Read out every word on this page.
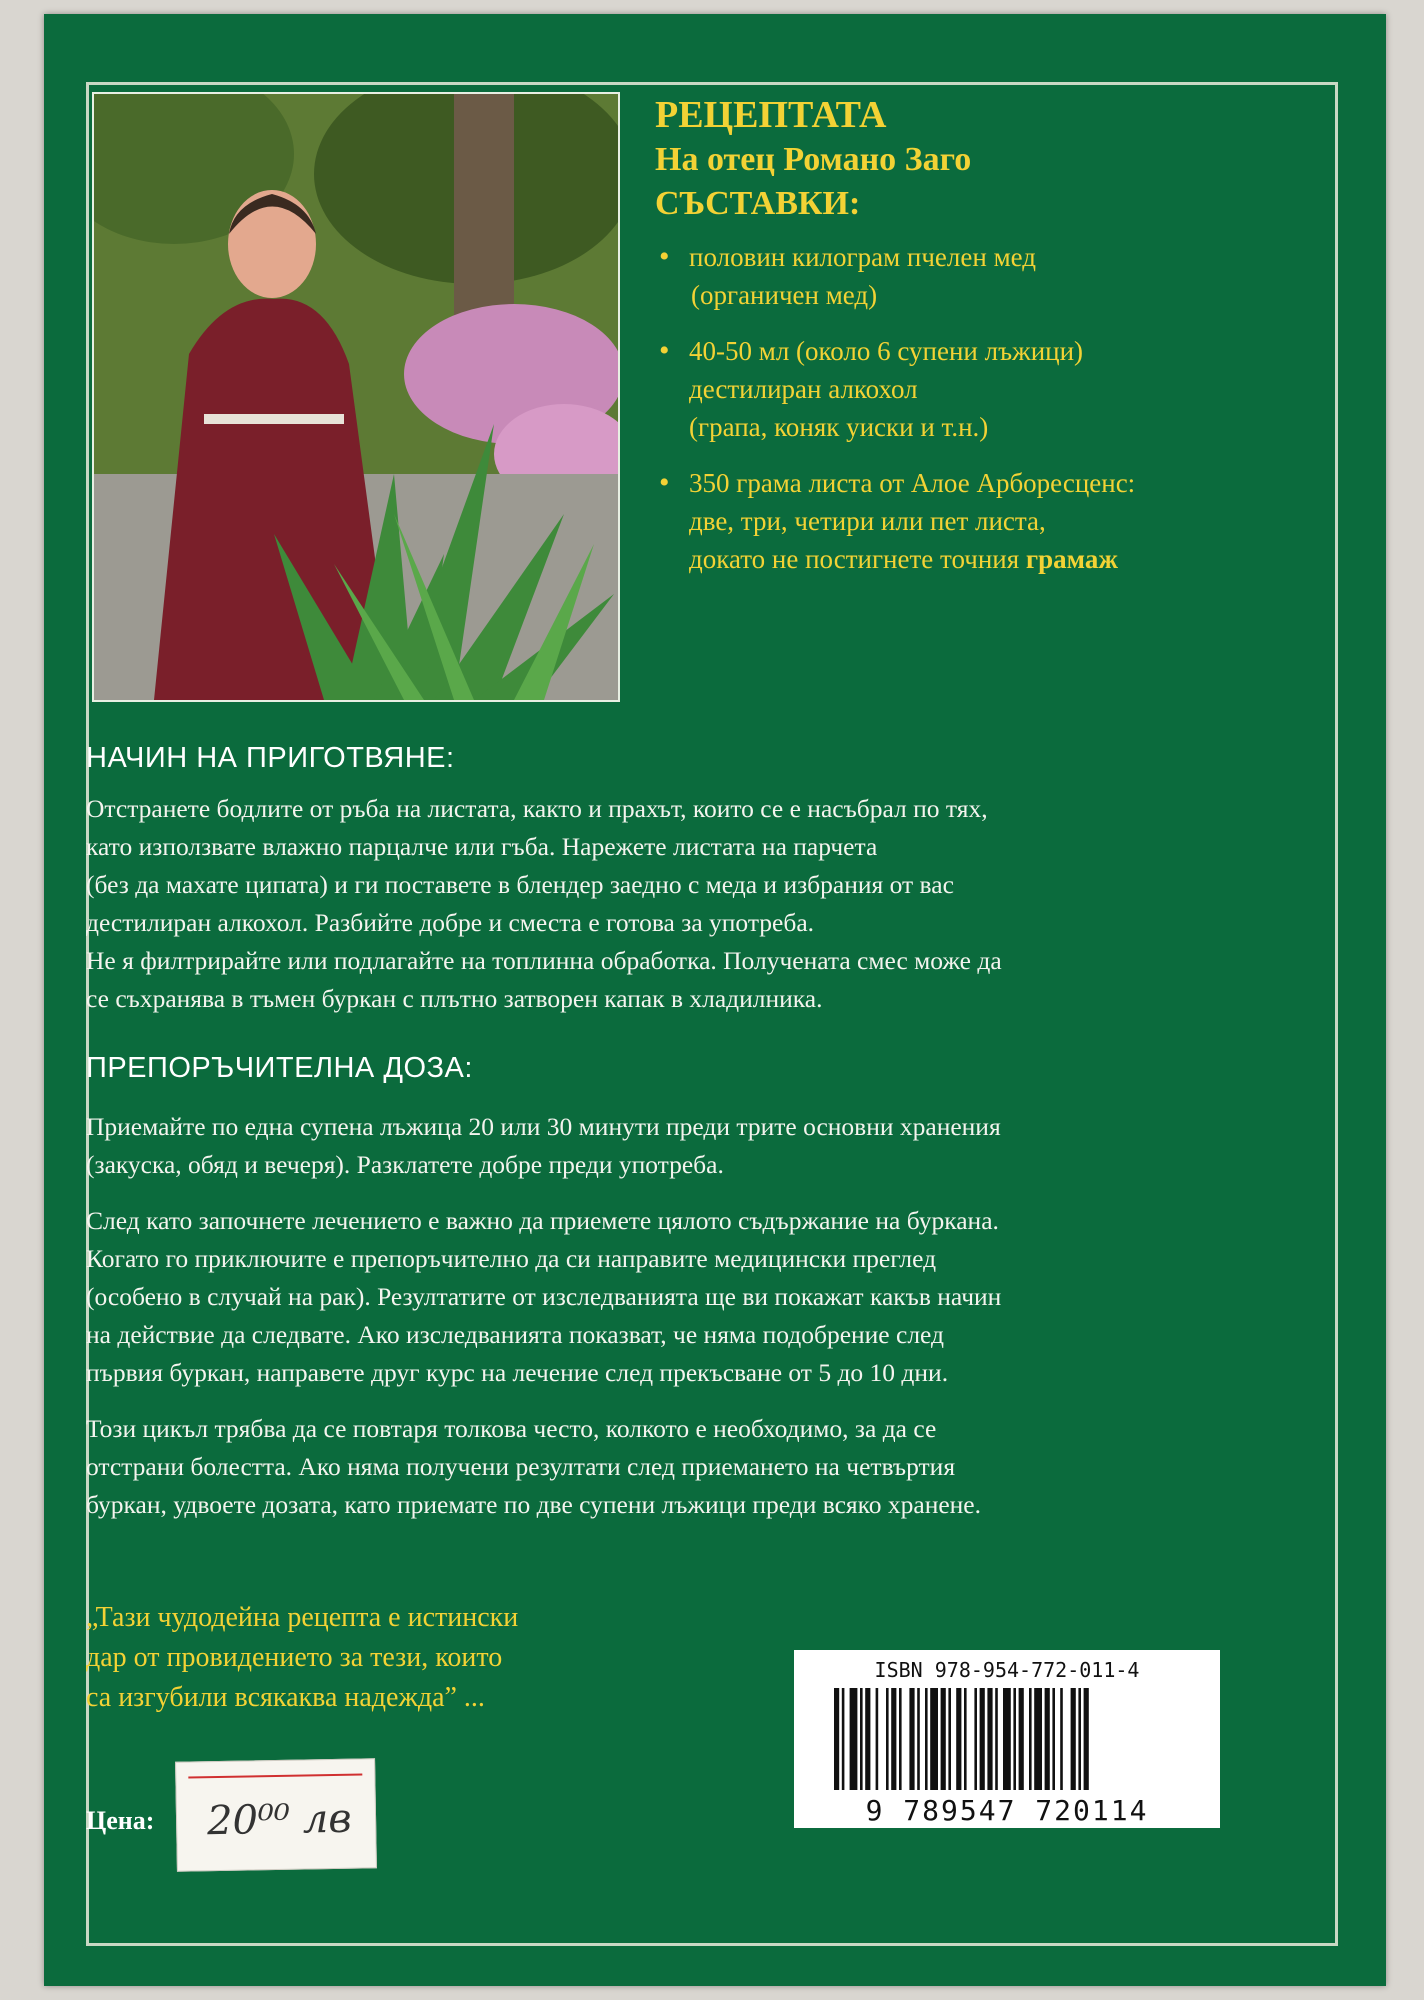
РЕЦЕПТАТА
На отец Романо Заго
СЪСТАВКИ:
• половин килограм пчелен мед
(органичен мед)
• 40-50 мл (около 6 супени лъжици)
дестилиран алкохол
(грапа, коняк уиски и т.н.)
• 350 грама листа от Алое Арборесценс:
две, три, четири или пет листа,
докато не постигнете точния грамаж
НАЧИН НА ПРИГОТВЯНЕ:

Отстранете бодлите от ръба на листата, както и прахът, които се е насъбрал по тях,
като използвате влажно парцалче или гъба. Нарежете листата на парчета
(без да махате ципата) и ги поставете в блендер заедно с меда и избрания от вас
дестилиран алкохол. Разбийте добре и сместа е готова за употреба.
Не я филтрирайте или подлагайте на топлинна обработка. Получената смес може да
се съхранява в тъмен буркан с плътно затворен капак в хладилника.

ПРЕПОРЪЧИТЕЛНА ДОЗА:

Приемайте по една супена лъжица 20 или 30 минути преди трите основни хранения
(закуска, обяд и вечеря). Разклатете добре преди употреба.

След като започнете лечението е важно да приемете цялото съдържание на буркана.
Когато го приключите е препоръчително да си направите медицински преглед
(особено в случай на рак). Резултатите от изследванията ще ви покажат какъв начин
на действие да следвате. Ако изследванията показват, че няма подобрение след
първия буркан, направете друг курс на лечение след прекъсване от 5 до 10 дни.

Този цикъл трябва да се повтаря толкова често, колкото е необходимо, за да се
отстрани болестта. Ако няма получени резултати след приемането на четвъртия
буркан, удвоете дозата, като приемате по две супени лъжици преди всяко хранене.

„Тази чудодейна рецепта е истински
дар от провидението за тези, които
са изгубили всякаква надежда” ...
Цена: 20⁰⁰ лв
ISBN 978-954-772-011-4
9 789547 720114
